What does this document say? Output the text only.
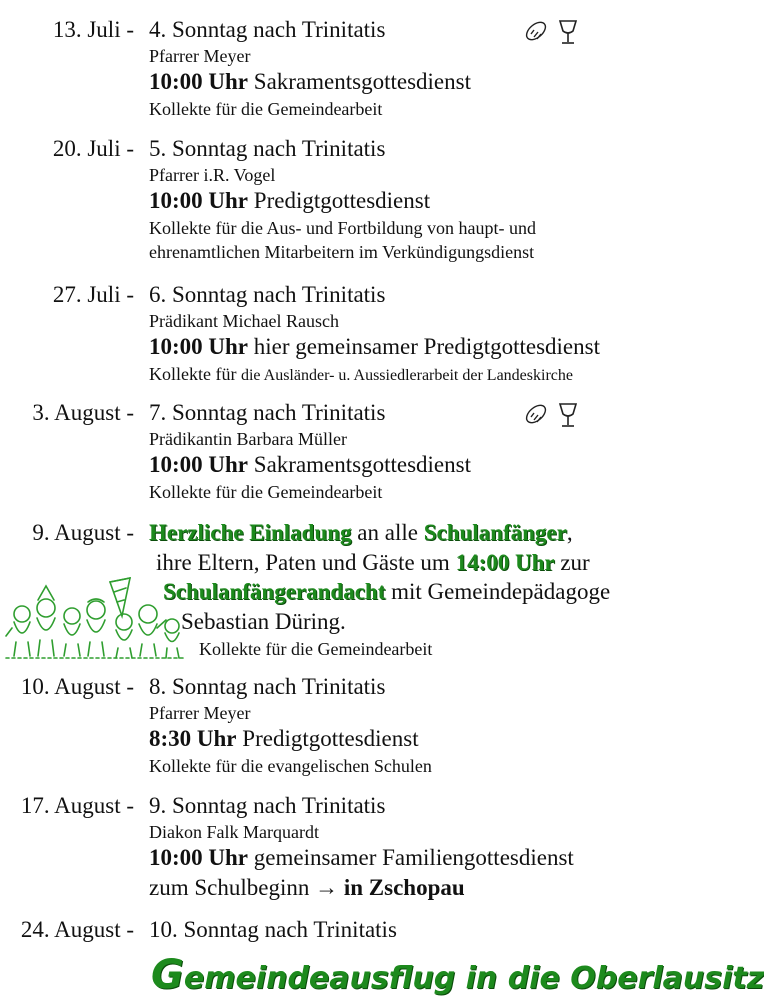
13. Juli - 4. Sonntag nach Trinitatis
Pfarrer Meyer
10:00 Uhr Sakramentsgottesdienst
Kollekte für die Gemeindearbeit
20. Juli - 5. Sonntag nach Trinitatis
Pfarrer i.R. Vogel
10:00 Uhr Predigtgottesdienst
Kollekte für die Aus- und Fortbildung von haupt- und
ehrenamtlichen Mitarbeitern im Verkündigungsdienst
27. Juli - 6. Sonntag nach Trinitatis
Prädikant Michael Rausch
10:00 Uhr hier gemeinsamer Predigtgottesdienst
Kollekte für die Ausländer- u. Aussiedlerarbeit der Landeskirche
3. August - 7. Sonntag nach Trinitatis
Prädikantin Barbara Müller
10:00 Uhr Sakramentsgottesdienst
Kollekte für die Gemeindearbeit
9. August - Herzliche Einladung an alle Schulanfänger,
ihre Eltern, Paten und Gäste um 14:00 Uhr zur
Schulanfängerandacht mit Gemeindepädagoge
Sebastian Düring.
Kollekte für die Gemeindearbeit
10. August - 8. Sonntag nach Trinitatis
Pfarrer Meyer
8:30 Uhr Predigtgottesdienst
Kollekte für die evangelischen Schulen
17. August - 9. Sonntag nach Trinitatis
Diakon Falk Marquardt
10:00 Uhr gemeinsamer Familiengottesdienst
zum Schulbeginn → in Zschopau
24. August - 10. Sonntag nach Trinitatis
Gemeindeausflug in die Oberlausitz
